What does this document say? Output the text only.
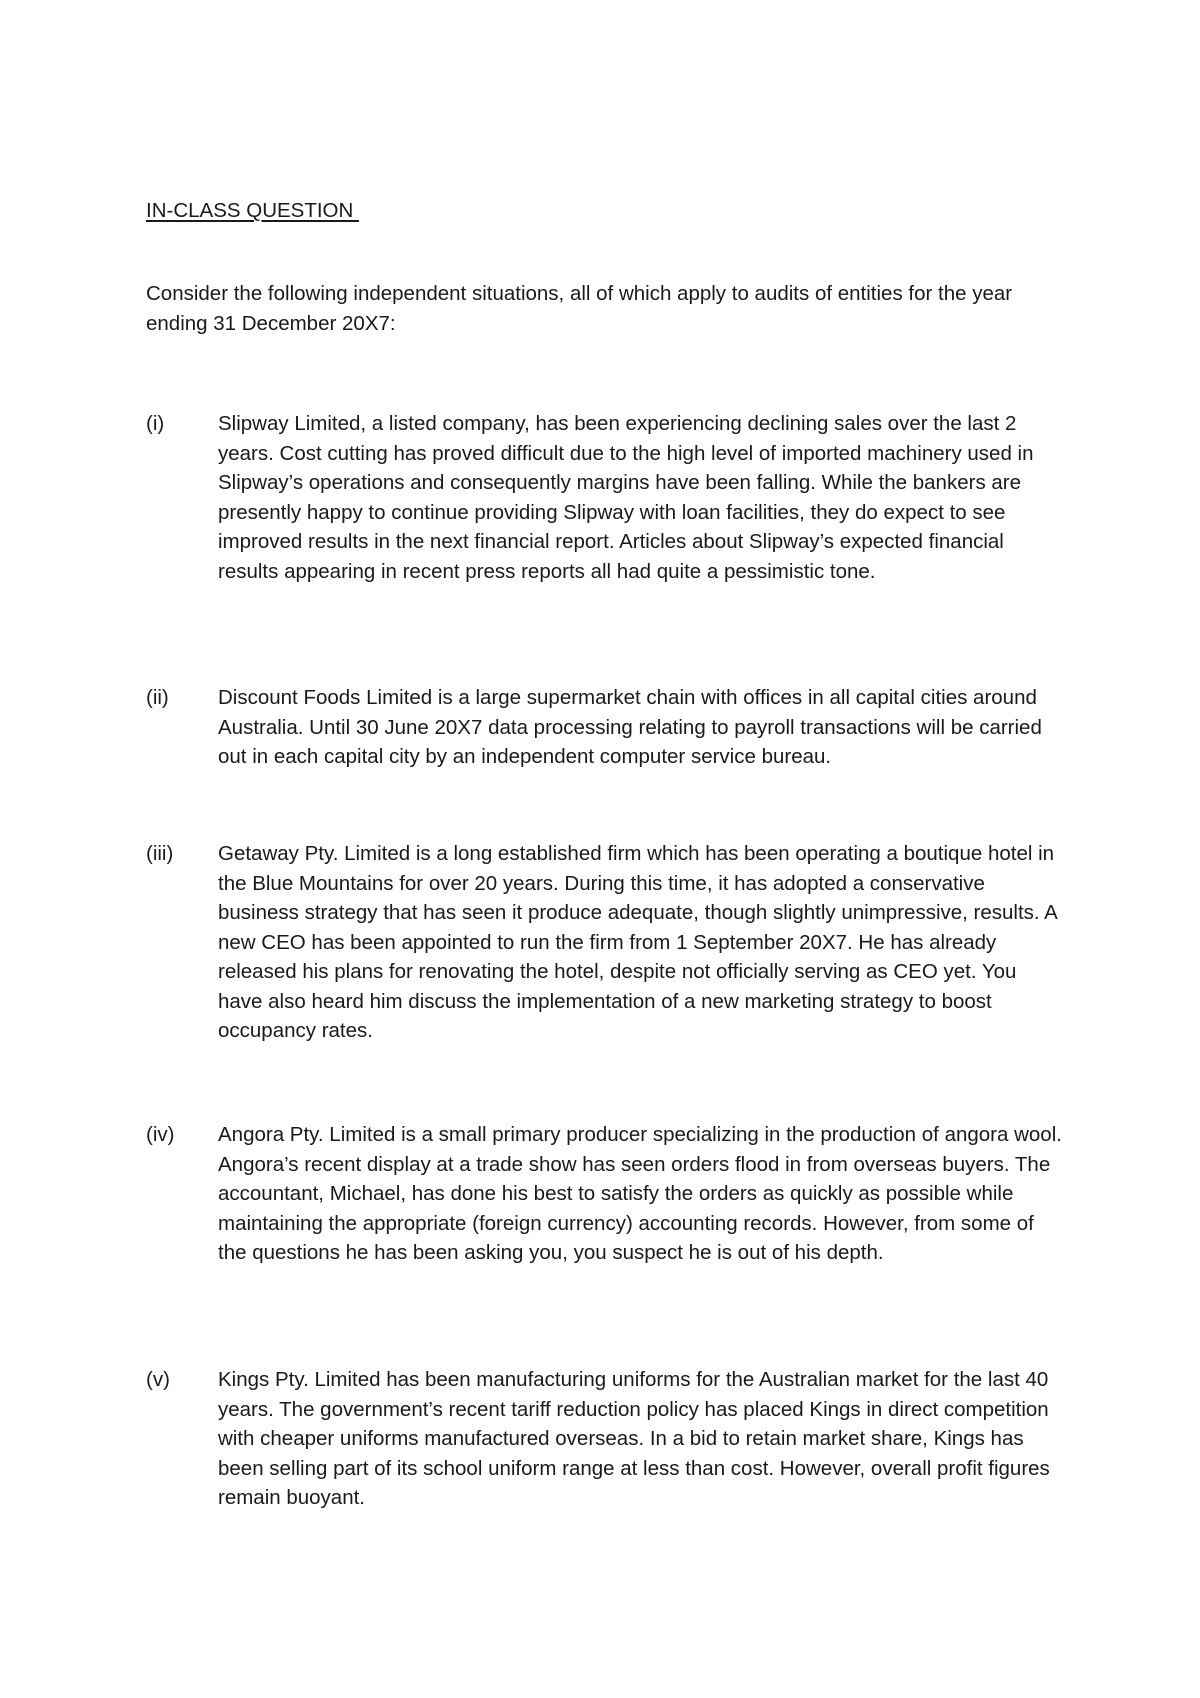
IN-CLASS QUESTION

Consider the following independent situations, all of which apply to audits of entities for the year ending 31 December 20X7:

(i)	Slipway Limited, a listed company, has been experiencing declining sales over the last 2 years. Cost cutting has proved difficult due to the high level of imported machinery used in Slipway’s operations and consequently margins have been falling. While the bankers are presently happy to continue providing Slipway with loan facilities, they do expect to see improved results in the next financial report. Articles about Slipway’s expected financial results appearing in recent press reports all had quite a pessimistic tone.

(ii) Discount Foods Limited is a large supermarket chain with offices in all capital cities around Australia. Until 30 June 20X7 data processing relating to payroll transactions will be carried out in each capital city by an independent computer service bureau.

(iii) Getaway Pty. Limited is a long established firm which has been operating a boutique hotel in the Blue Mountains for over 20 years. During this time, it has adopted a conservative business strategy that has seen it produce adequate, though slightly unimpressive, results. A new CEO has been appointed to run the firm from 1 September 20X7. He has already released his plans for renovating the hotel, despite not officially serving as CEO yet. You have also heard him discuss the implementation of a new marketing strategy to boost occupancy rates.

(iv) Angora Pty. Limited is a small primary producer specializing in the production of angora wool. Angora’s recent display at a trade show has seen orders flood in from overseas buyers. The accountant, Michael, has done his best to satisfy the orders as quickly as possible while maintaining the appropriate (foreign currency) accounting records. However, from some of the questions he has been asking you, you suspect he is out of his depth.

(v) Kings Pty. Limited has been manufacturing uniforms for the Australian market for the last 40 years. The government’s recent tariff reduction policy has placed Kings in direct competition with cheaper uniforms manufactured overseas. In a bid to retain market share, Kings has been selling part of its school uniform range at less than cost. However, overall profit figures remain buoyant.
